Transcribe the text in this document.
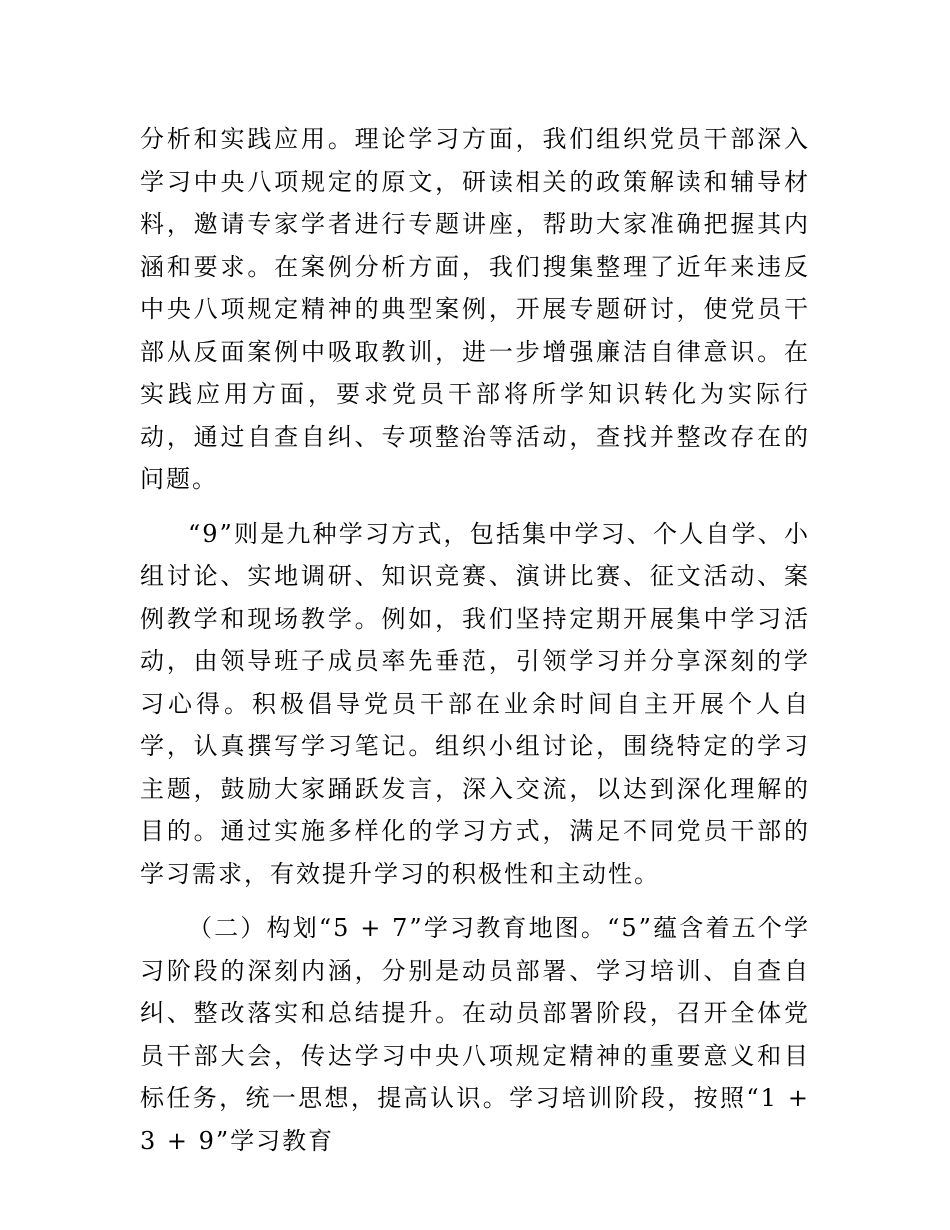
分析和实践应用。理论学习方面，我们组织党员干部深入学习中央八项规定的原文，研读相关的政策解读和辅导材料，邀请专家学者进行专题讲座，帮助大家准确把握其内涵和要求。在案例分析方面，我们搜集整理了近年来违反中央八项规定精神的典型案例，开展专题研讨，使党员干部从反面案例中吸取教训，进一步增强廉洁自律意识。在实践应用方面，要求党员干部将所学知识转化为实际行动，通过自查自纠、专项整治等活动，查找并整改存在的问题。

“9”则是九种学习方式，包括集中学习、个人自学、小组讨论、实地调研、知识竞赛、演讲比赛、征文活动、案例教学和现场教学。例如，我们坚持定期开展集中学习活动，由领导班子成员率先垂范，引领学习并分享深刻的学习心得。积极倡导党员干部在业余时间自主开展个人自学，认真撰写学习笔记。组织小组讨论，围绕特定的学习主题，鼓励大家踊跃发言，深入交流，以达到深化理解的目的。通过实施多样化的学习方式，满足不同党员干部的学习需求，有效提升学习的积极性和主动性。

（二）构划“5 + 7”学习教育地图。“5”蕴含着五个学习阶段的深刻内涵，分别是动员部署、学习培训、自查自纠、整改落实和总结提升。在动员部署阶段，召开全体党员干部大会，传达学习中央八项规定精神的重要意义和目标任务，统一思想，提高认识。学习培训阶段，按照“1 + 3 + 9”学习教育
